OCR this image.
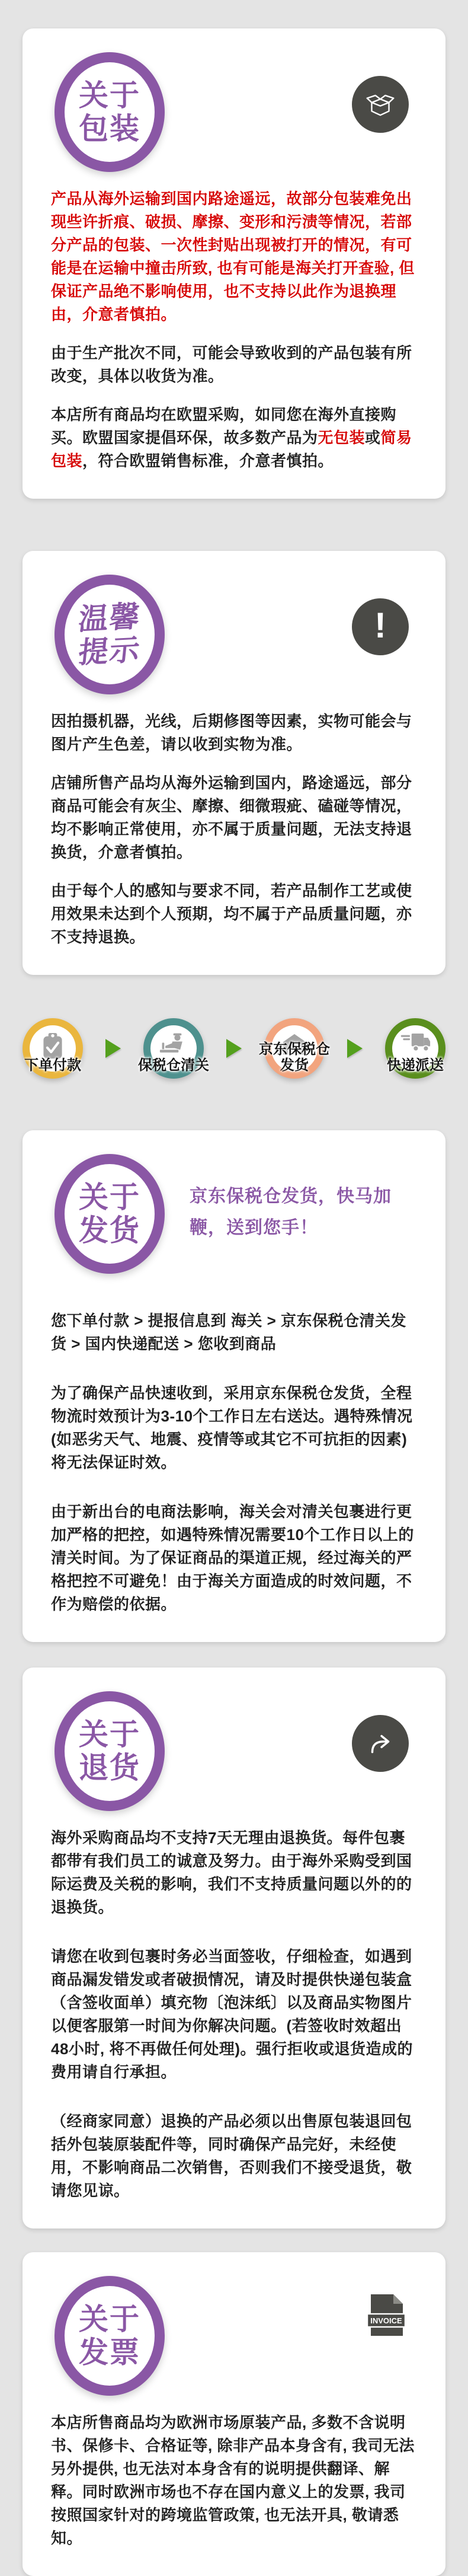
关于
包装

产品从海外运输到国内路途遥远，故部分包装难免出现些许折痕、破损、摩擦、变形和污渍等情况，若部分产品的包装、一次性封贴出现被打开的情况，有可能是在运输中撞击所致, 也有可能是海关打开查验, 但保证产品绝不影响使用，也不支持以此作为退换理由，介意者慎拍。

由于生产批次不同，可能会导致收到的产品包装有所改变，具体以收货为准。

本店所有商品均在欧盟采购，如同您在海外直接购买。欧盟国家提倡环保，故多数产品为无包装或简易包装，符合欧盟销售标准，介意者慎拍。

温馨
提示
!

因拍摄机器，光线，后期修图等因素，实物可能会与图片产生色差，请以收到实物为准。

店铺所售产品均从海外运输到国内，路途遥远，部分商品可能会有灰尘、摩擦、细微瑕疵、磕碰等情况，均不影响正常使用，亦不属于质量问题，无法支持退换货，介意者慎拍。

由于每个人的感知与要求不同，若产品制作工艺或使用效果未达到个人预期，均不属于产品质量问题，亦不支持退换。

下单付款	保税仓清关
京东保税仓
发货	快递派送
关于
发货
京东保税仓发货，快马加鞭，送到您手！

您下单付款 > 提报信息到 海关 > 京东保税仓清关发货 > 国内快递配送 > 您收到商品

为了确保产品快速收到，采用京东保税仓发货，全程物流时效预计为3-10个工作日左右送达。遇特殊情况(如恶劣天气、地震、疫情等或其它不可抗拒的因素)将无法保证时效。

由于新出台的电商法影响，海关会对清关包裹进行更加严格的把控，如遇特殊情况需要10个工作日以上的清关时间。为了保证商品的渠道正规，经过海关的严格把控不可避免！由于海关方面造成的时效问题，不作为赔偿的依据。

关于
退货

海外采购商品均不支持7天无理由退换货。每件包裹都带有我们员工的诚意及努力。由于海外采购受到国际运费及关税的影响，我们不支持质量问题以外的的退换货。

请您在收到包裹时务必当面签收，仔细检查，如遇到商品漏发错发或者破损情况，请及时提供快递包装盒（含签收面单）填充物〔泡沫纸〕以及商品实物图片以便客服第一时间为你解决问题。(若签收时效超出48小时, 将不再做任何处理)。强行拒收或退货造成的费用请自行承担。

（经商家同意）退换的产品必须以出售原包装退回包括外包装原装配件等，同时确保产品完好，未经使用，不影响商品二次销售，否则我们不接受退货，敬请您见谅。

关于
发票
INVOICE

本店所售商品均为欧洲市场原装产品, 多数不含说明书、保修卡、合格证等, 除非产品本身含有, 我司无法另外提供, 也无法对本身含有的说明提供翻译、解释。同时欧洲市场也不存在国内意义上的发票, 我司按照国家针对的跨境监管政策, 也无法开具, 敬请悉知。
